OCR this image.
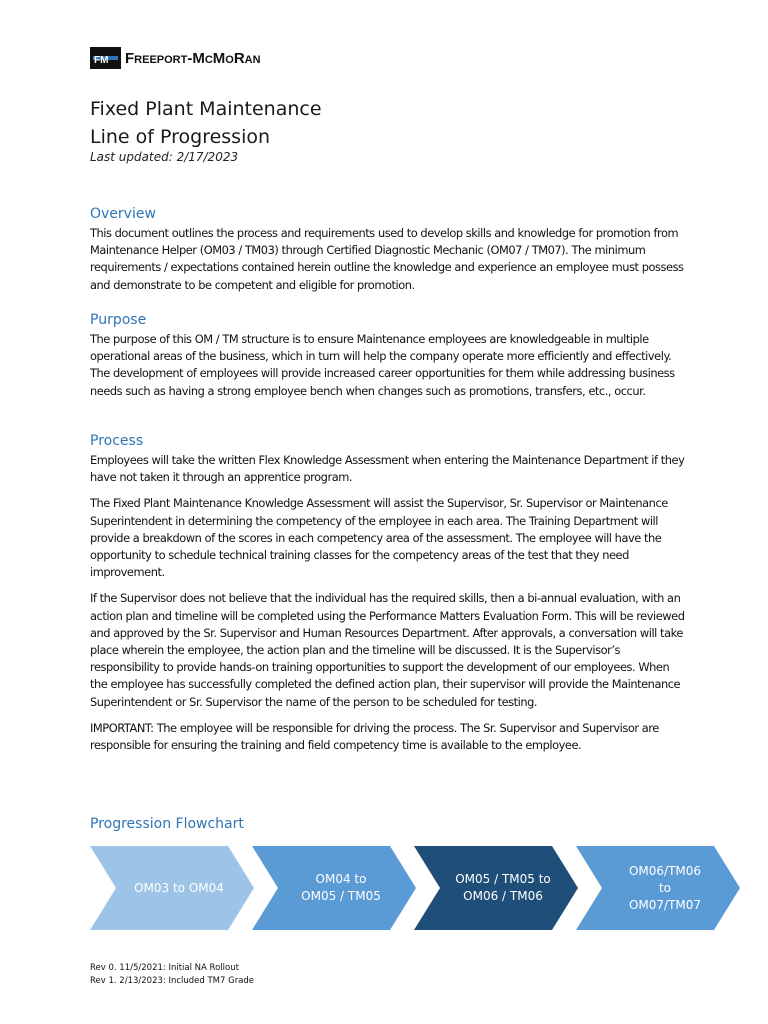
FM Freeport-McMoRan
Fixed Plant Maintenance
Line of Progression
Last updated: 2/17/2023
Overview

This document outlines the process and requirements used to develop skills and knowledge for promotion from Maintenance Helper (OM03 / TM03) through Certified Diagnostic Mechanic (OM07 / TM07). The minimum requirements / expectations contained herein outline the knowledge and experience an employee must possess and demonstrate to be competent and eligible for promotion.

Purpose

The purpose of this OM / TM structure is to ensure Maintenance employees are knowledgeable in multiple operational areas of the business, which in turn will help the company operate more efficiently and effectively. The development of employees will provide increased career opportunities for them while addressing business needs such as having a strong employee bench when changes such as promotions, transfers, etc., occur.

Process

Employees will take the written Flex Knowledge Assessment when entering the Maintenance Department if they have not taken it through an apprentice program.

The Fixed Plant Maintenance Knowledge Assessment will assist the Supervisor, Sr. Supervisor or Maintenance Superintendent in determining the competency of the employee in each area. The Training Department will provide a breakdown of the scores in each competency area of the assessment. The employee will have the opportunity to schedule technical training classes for the competency areas of the test that they need improvement.

If the Supervisor does not believe that the individual has the required skills, then a bi-annual evaluation, with an action plan and timeline will be completed using the Performance Matters Evaluation Form. This will be reviewed and approved by the Sr. Supervisor and Human Resources Department. After approvals, a conversation will take place wherein the employee, the action plan and the timeline will be discussed. It is the Supervisor’s responsibility to provide hands-on training opportunities to support the development of our employees. When the employee has successfully completed the defined action plan, their supervisor will provide the Maintenance Superintendent or Sr. Supervisor the name of the person to be scheduled for testing.

IMPORTANT: The employee will be responsible for driving the process. The Sr. Supervisor and Supervisor are responsible for ensuring the training and field competency time is available to the employee.

Progression Flowchart
OM03 to OM04
OM04 to
OM05 / TM05
OM05 / TM05 to
OM06 / TM06
OM06/TM06
to
OM07/TM07
Rev 0. 11/5/2021: Initial NA Rollout
Rev 1. 2/13/2023: Included TM7 Grade
